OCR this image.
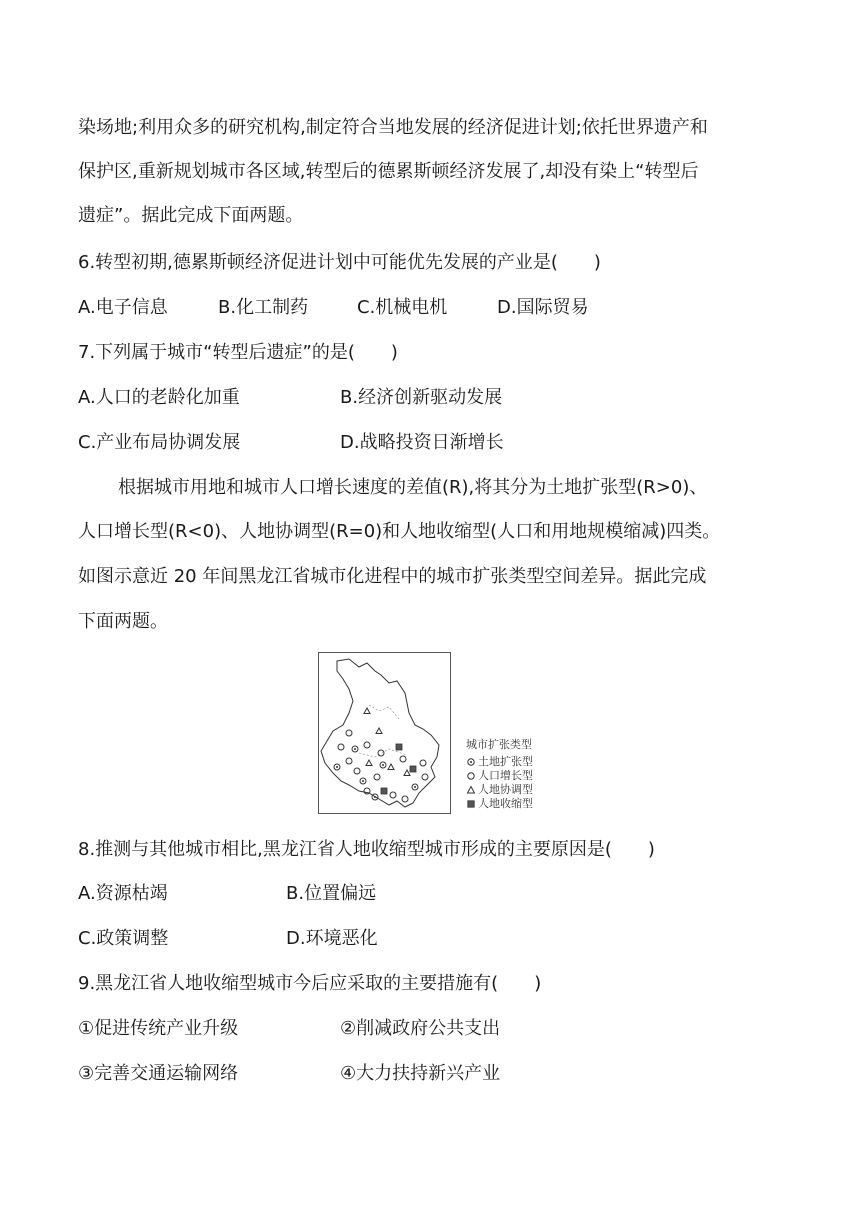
染场地;利用众多的研究机构,制定符合当地发展的经济促进计划;依托世界遗产和
保护区,重新规划城市各区域,转型后的德累斯顿经济发展了,却没有染上“转型后
遗症”。据此完成下面两题。
6.转型初期,德累斯顿经济促进计划中可能优先发展的产业是(　　)
A.电子信息	B.化工制药	C.机械电机	D.国际贸易
7.下列属于城市“转型后遗症”的是(　　)
A.人口的老龄化加重	B.经济创新驱动发展
C.产业布局协调发展	D.战略投资日渐增长
根据城市用地和城市人口增长速度的差值(R),将其分为土地扩张型(R>0)、
人口增长型(R<0)、人地协调型(R=0)和人地收缩型(人口和用地规模缩减)四类。
如图示意近 20 年间黑龙江省城市化进程中的城市扩张类型空间差异。据此完成
下面两题。
城市扩张类型
土地扩张型
人口增长型
人地协调型
人地收缩型
8.推测与其他城市相比,黑龙江省人地收缩型城市形成的主要原因是(　　)
A.资源枯竭	B.位置偏远
C.政策调整	D.环境恶化
9.黑龙江省人地收缩型城市今后应采取的主要措施有(　　)
①促进传统产业升级	②削减政府公共支出
③完善交通运输网络	④大力扶持新兴产业
